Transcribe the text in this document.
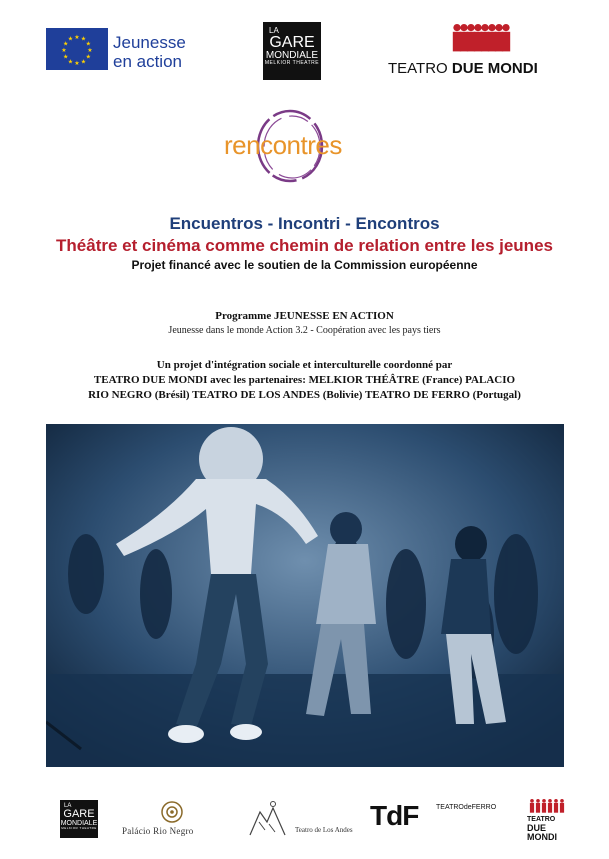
★
★
★
★
★
★
★
★
★ ★ ★
★ Jeunesse
en action
LA
GARE
MONDIALE
MELKIOR THEATRE	TEATRO DUE MONDI
rencontres
Encuentros - Incontri - Encontros
Théâtre et cinéma comme chemin de relation entre les jeunes
Projet financé avec le soutien de la Commission européenne
Programme JEUNESSE EN ACTION
Jeunesse dans le monde Action 3.2 - Coopération avec les pays tiers
Un projet d'intégration sociale et interculturelle coordonné par
TEATRO DUE MONDI avec les partenaires: MELKIOR THÉÂTRE (France) PALACIO
RIO NEGRO (Brésil) TEATRO DE LOS ANDES (Bolivie) TEATRO DE FERRO (Portugal)
LA
GARE
MONDIALE
MELKIOR THEATRE	Palácio Rio Negro	Teatro de Los Andes TdF	TEATROdeFERRO
TEATRO
DUE
MONDI
